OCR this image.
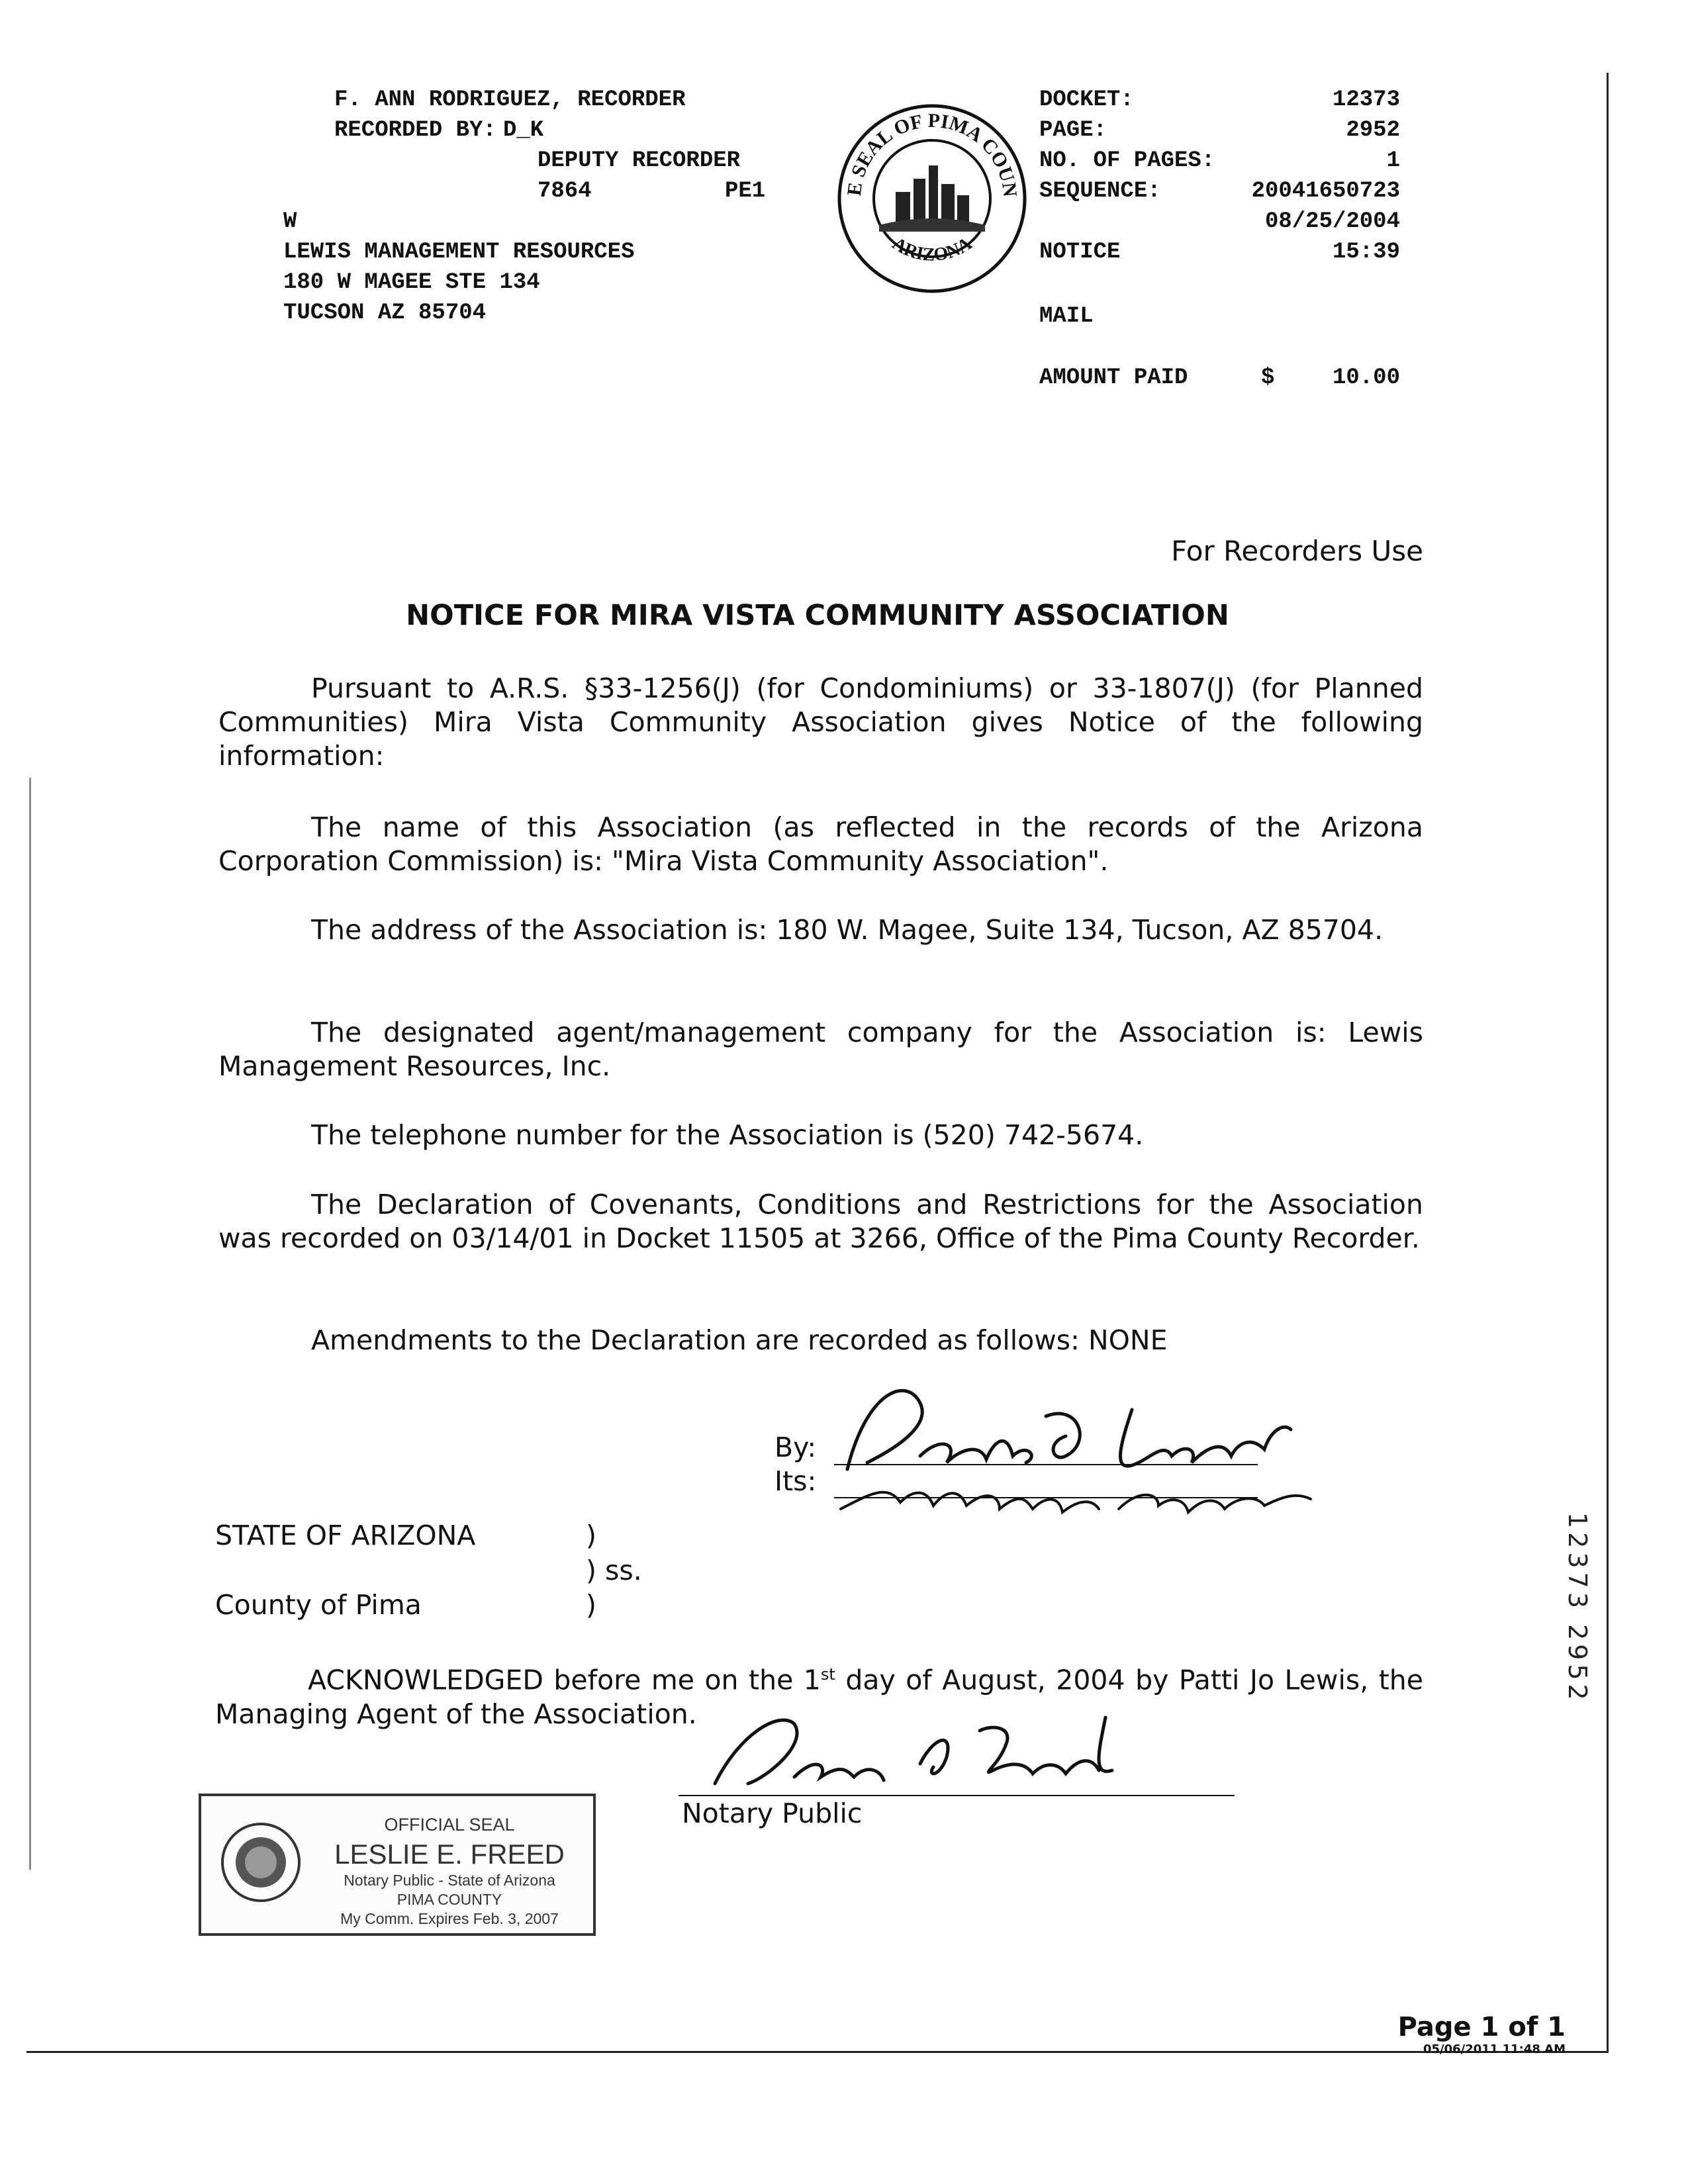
F. ANN RODRIGUEZ, RECORDER
RECORDED BY: D_K
DEPUTY RECORDER
7864	PE1
W
LEWIS MANAGEMENT RESOURCES
180 W MAGEE STE 134
TUCSON AZ 85704
E SEAL OF PIMA COUN
ARIZONA
DOCKET:	12373
PAGE:	2952
NO. OF PAGES:	1
SEQUENCE:	20041650723
08/25/2004
NOTICE	15:39
MAIL
AMOUNT PAID	$	10.00
For Recorders Use
NOTICE FOR MIRA VISTA COMMUNITY ASSOCIATION
Pursuant to A.R.S. §33-1256(J) (for Condominiums) or 33-1807(J) (for Planned Communities) Mira Vista Community Association gives Notice of the following information:
The name of this Association (as reflected in the records of the Arizona Corporation Commission) is: "Mira Vista Community Association".
The address of the Association is: 180 W. Magee, Suite 134, Tucson, AZ 85704.
The designated agent/management company for the Association is: Lewis Management Resources, Inc.
The telephone number for the Association is (520) 742-5674.
The Declaration of Covenants, Conditions and Restrictions for the Association was recorded on 03/14/01 in Docket 11505 at 3266, Office of the Pima County Recorder.
Amendments to the Declaration are recorded as follows: NONE
By:
Its:
STATE OF ARIZONA	)
) ss.
County of Pima	)
ACKNOWLEDGED before me on the 1st day of August, 2004 by Patti Jo Lewis, the Managing Agent of the Association.
Notary Public
OFFICIAL SEAL
LESLIE E. FREED
Notary Public - State of Arizona
PIMA COUNTY
My Comm. Expires Feb. 3, 2007
12373 2952
Page 1 of 1
05/06/2011 11:48 AM
